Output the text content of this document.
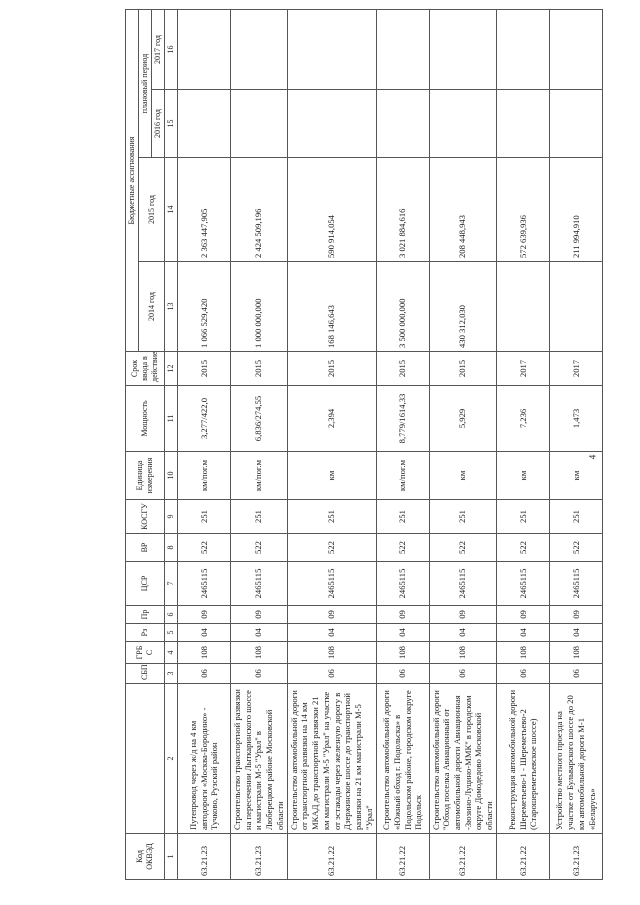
Код ОКВЭД		СБП	ГРБ С	Рз	Пр	ЦСР	ВР	КОСГУ	Единица измерения	Мощность	Срок ввода в действие	Бюджетные ассигнования			
												2014 год	2015 год	плановый период	
														2016 год	2017 год
1	2	3	4	5	6	7	8	9	10	11	12	13	14	15	16
63.21.23	Путепровод через ж/д на 4 км автодороги «Москва-Бородино» - Тучково, Рузский район	06	108	04	09	2465115	522	251	км/пог.м	3,277/422,0	2015	1 066 529,420	2 363 447,905		
63.21.23	Строительство транспортной развязки на пересечении Лыткаринского шоссе и магистрали М-5 "Урал" в Люберецком районе Московской области	06	108	04	09	2465115	522	251	км/пог.м	6,836/274,55	2015	1 000 000,000	2 424 509,196		
63.21.22	Строительство автомобильной дороги от транспортной развязки на 14 км МКАД до транспортной развязки 21 км магистрали М-5 "Урал" на участке от эстакады через железную дорогу в Дзержинское шоссе до транспортной развязки на 21 км магистрали М-5 "Урал"	06	108	04	09	2465115	522	251	км	2,394	2015	168 146,643	590 914,054		
63.21.22	Строительство автомобильной дороги «Южный обход г. Подольска» в Подольском районе, городском округе Подольск	06	108	04	09	2465115	522	251	км/пог.м	8,779/1614,33	2015	3 500 000,000	3 021 884,616		
63.21.22	Строительство автомобильной дороги "Обход поселка Авиационный от автомобильной дороги Авиационная -Зюзино-Луцино-ММК" в городском округе Домодедово Московской области	06	108	04	09	2465115	522	251	км	5,929	2015	430 312,030	208 448,943		
63.21.22	Реконструкция автомобильной дороги Шереметьево-1 - Шереметьево-2 (Старошереметьевское шоссе)	06	108	04	09	2465115	522	251	км	7,236	2017		572 639,936		
63.21.23	Устройство местного проезда на участке от Бульварского шоссе до 20 км автомобильной дороги М-1 «Беларусь»	06	108	04	09	2465115	522	251	км	1,473	2017		211 994,910		
4
